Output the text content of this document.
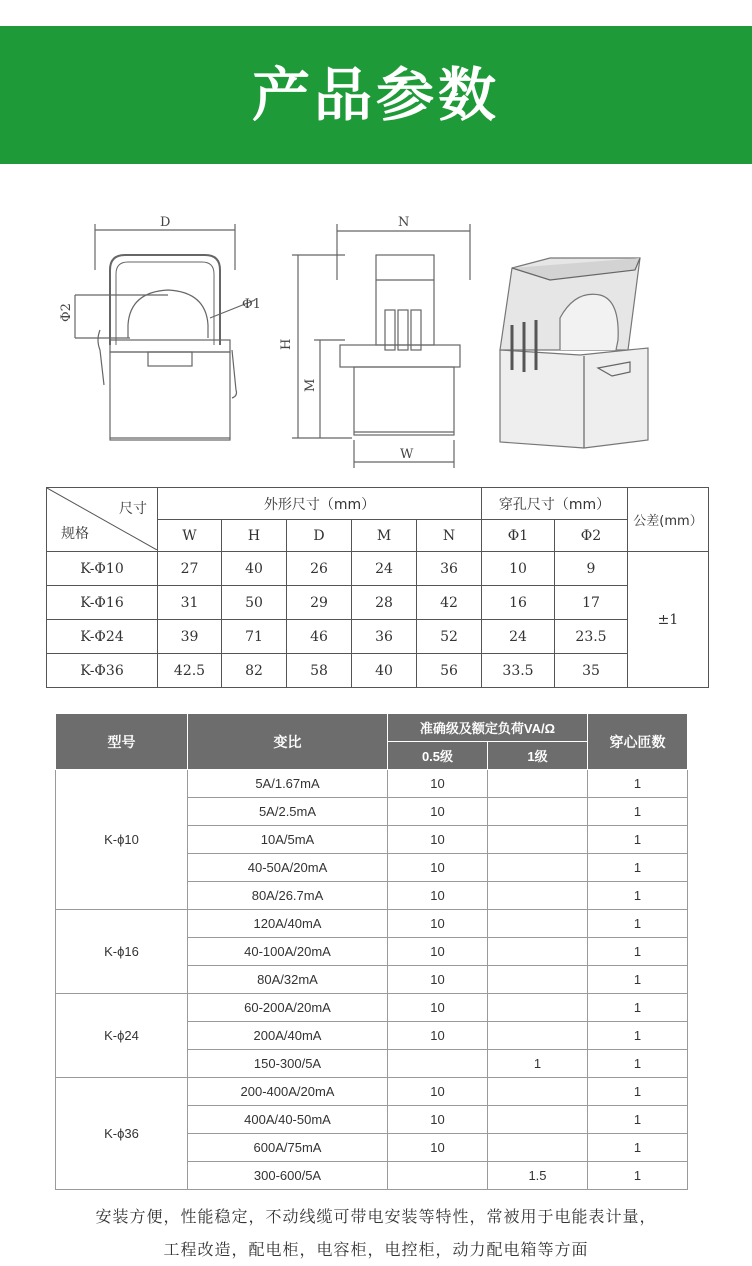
产品参数
D
Φ1
Φ2
N
H
M
W
尺寸
规格	外形尺寸（mm）					穿孔尺寸（mm）		公差(mm）
	W	H	D	M	N	Φ1	Φ2	
K-Φ10	27	40	26	24	36	10	9	±1
K-Φ16	31	50	29	28	42	16	17	
K-Φ24	39	71	46	36	52	24	23.5	
K-Φ36	42.5	82	58	40	56	33.5	35	
型号	变比	准确级及额定负荷VA/Ω		穿心匝数
		0.5级	1级	
K-ϕ10	5A/1.67mA	10		1
	5A/2.5mA	10		1
	10A/5mA	10		1
	40-50A/20mA	10		1
	80A/26.7mA	10		1
K-ϕ16	120A/40mA	10		1
	40-100A/20mA	10		1
	80A/32mA	10		1
K-ϕ24	60-200A/20mA	10		1
	200A/40mA	10		1
	150-300/5A		1	1
K-ϕ36	200-400A/20mA	10		1
	400A/40-50mA	10		1
	600A/75mA	10		1
	300-600/5A		1.5	1
安装方便，性能稳定，不动线缆可带电安装等特性，常被用于电能表计量，
工程改造，配电柜，电容柜，电控柜，动力配电箱等方面
